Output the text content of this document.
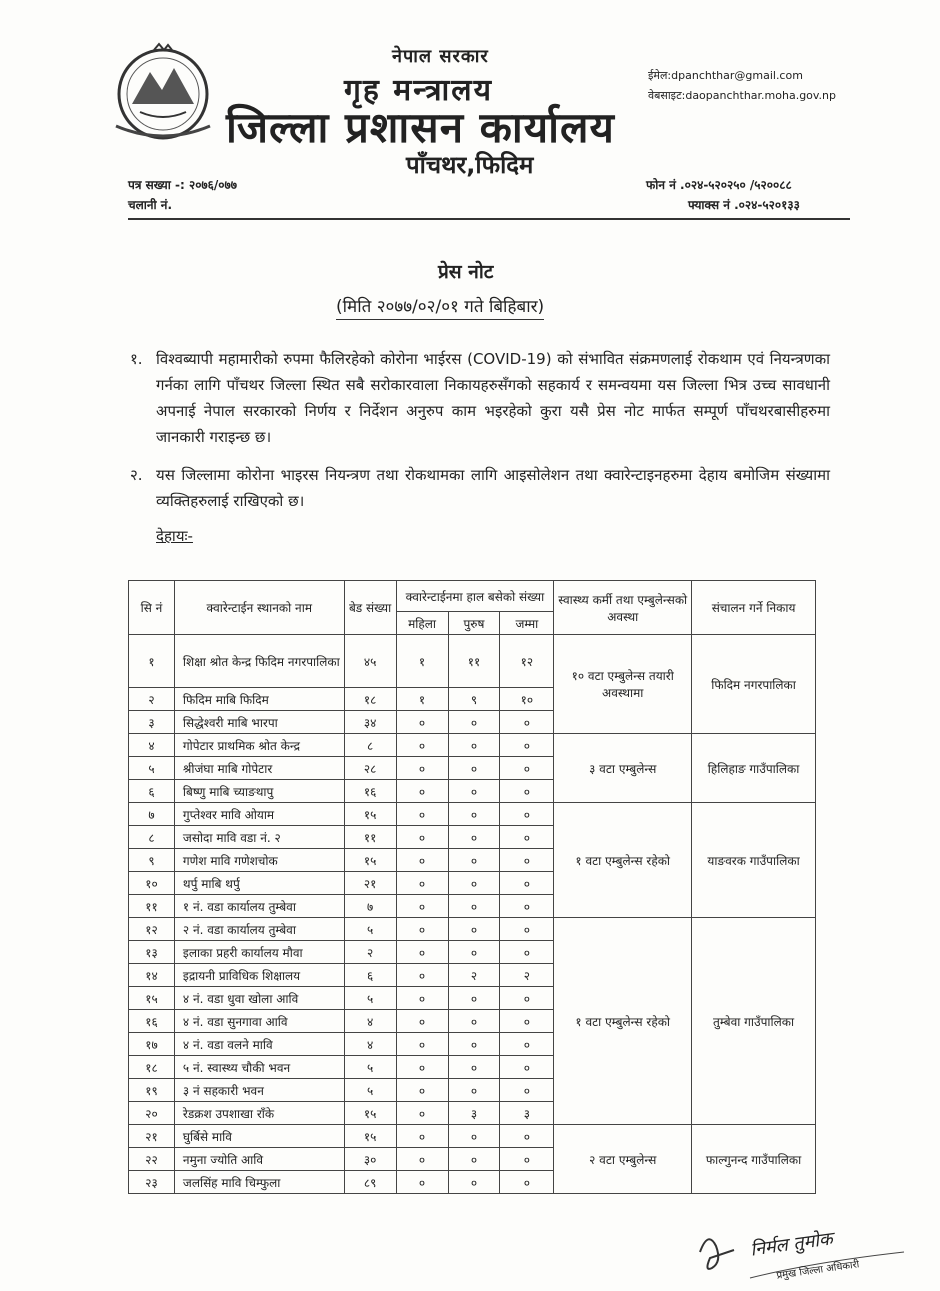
नेपाल सरकार
गृह मन्त्रालय
जिल्ला प्रशासन कार्यालय
पाँचथर,फिदिम
ईमेल:dpanchthar@gmail.com
वेबसाइट:daopanchthar.moha.gov.np
पत्र सख्या -: २०७६/०७७
चलानी नं.
फोन नं .०२४-५२०२५० /५२००८८
फ्याक्स नं .०२४-५२०१३३
प्रेस नोट
(मिति २०७७/०२/०१ गते बिहिबार)
१. विश्वब्यापी महामारीको रुपमा फैलिरहेको कोरोना भाईरस (COVID-19) को संभावित संक्रमणलाई रोकथाम एवं नियन्त्रणका गर्नका लागि पाँचथर जिल्ला स्थित सबै सरोकारवाला निकायहरुसँगको सहकार्य र समन्वयमा यस जिल्ला भित्र उच्च सावधानी अपनाई नेपाल सरकारको निर्णय र निर्देशन अनुरुप काम भइरहेको कुरा यसै प्रेस नोट मार्फत सम्पूर्ण पाँचथरबासीहरुमा जानकारी गराइन्छ छ।
२. यस जिल्लामा कोरोना भाइरस नियन्त्रण तथा रोकथामका लागि आइसोलेशन तथा क्वारेन्टाइनहरुमा देहाय बमोजिम संख्यामा व्यक्तिहरुलाई राखिएको छ।
देहायः-
सि नं	क्वारेन्टाईन स्थानको नाम	बेड संख्या	क्वारेन्टाईनमा हाल बसेको संख्या			स्वास्थ्य कर्मी तथा एम्बुलेन्सको अवस्था	संचालन गर्ने निकाय
			महिला	पुरुष	जम्मा		
१	शिक्षा श्रोत केन्द्र फिदिम नगरपालिका	४५	१	११	१२	१० वटा एम्बुलेन्स तयारी अवस्थामा	फिदिम नगरपालिका
२	फिदिम माबि फिदिम	१८	१	९	१०		
३	सिद्धेश्वरी माबि भारपा	३४	०	०	०		
४	गोपेटार प्राथमिक श्रोत केन्द्र	८	०	०	०	३ वटा एम्बुलेन्स	हिलिहाङ गाउँपालिका
५	श्रीजंघा माबि गोपेटार	२८	०	०	०		
६	बिष्णु माबि च्याङथापु	१६	०	०	०		
७	गुप्तेश्वर मावि ओयाम	१५	०	०	०	१ वटा एम्बुलेन्स रहेको	याङवरक गाउँपालिका
८	जसोदा मावि वडा नं. २	११	०	०	०		
९	गणेश मावि गणेशचोक	१५	०	०	०		
१०	थर्पु माबि थर्पु	२१	०	०	०		
११	१ नं. वडा कार्यालय तुम्बेवा	७	०	०	०		
१२	२ नं. वडा कार्यालय तुम्बेवा	५	०	०	०	१ वटा एम्बुलेन्स रहेको	तुम्बेवा गाउँपालिका
१३	इलाका प्रहरी कार्यालय मौवा	२	०	०	०		
१४	इद्रायनी प्राविधिक शिक्षालय	६	०	२	२		
१५	४ नं. वडा धुवा खोला आवि	५	०	०	०		
१६	४ नं. वडा सुनगावा आवि	४	०	०	०		
१७	४ नं. वडा वलने मावि	४	०	०	०		
१८	५ नं. स्वास्थ्य चौकी भवन	५	०	०	०		
१९	३ नं सहकारी भवन	५	०	०	०		
२०	रेडक्रश उपशाखा राँके	१५	०	३	३		
२१	घुर्बिसे मावि	१५	०	०	०	२ वटा एम्बुलेन्स	फाल्गुनन्द गाउँपालिका
२२	नमुना ज्योति आवि	३०	०	०	०		
२३	जलसिंह मावि चिम्फुला	८९	०	०	०		
निर्मल तुमोक
प्रमुख जिल्ला अधिकारी
